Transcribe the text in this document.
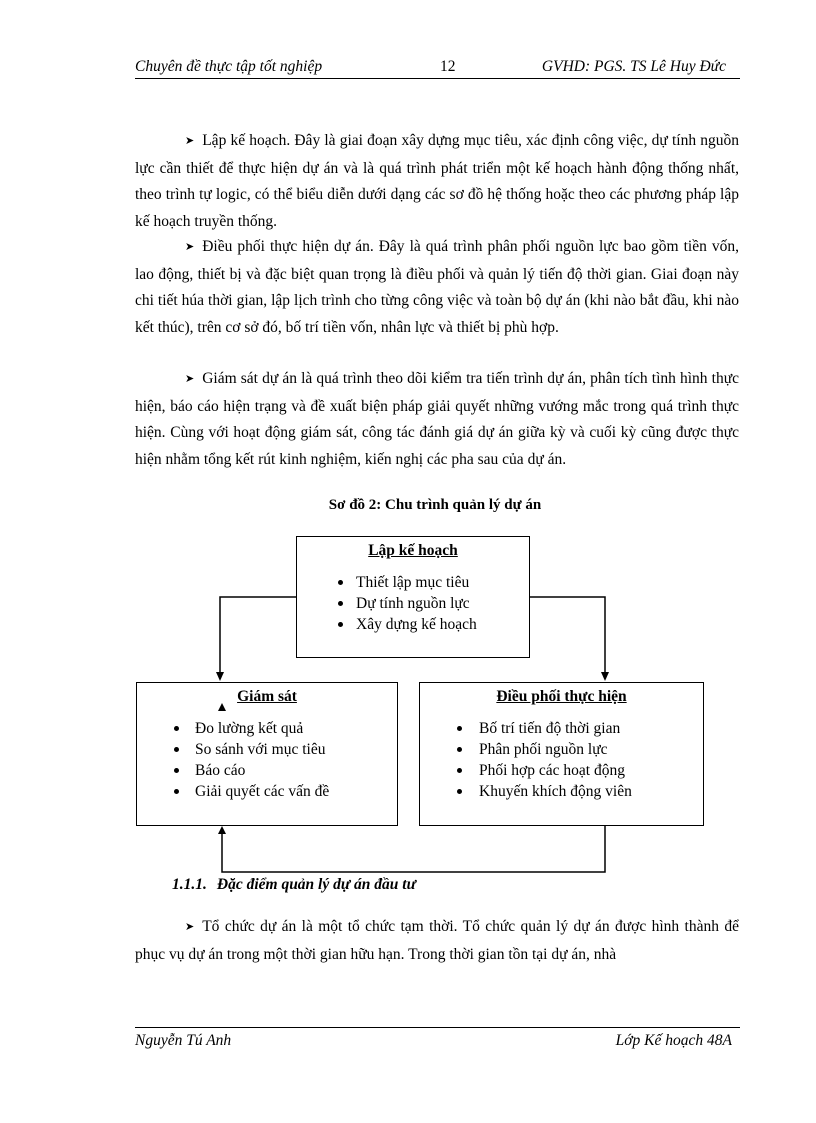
Chuyên đề thực tập tốt nghiệp	12	GVHD: PGS. TS Lê Huy Đức

➤ Lập kế hoạch. Đây là giai đoạn xây dựng mục tiêu, xác định công việc, dự tính nguồn lực cần thiết để thực hiện dự án và là quá trình phát triển một kế hoạch hành động thống nhất, theo trình tự logic, có thể biểu diễn dưới dạng các sơ đồ hệ thống hoặc theo các phương pháp lập kế hoạch truyền thống.

➤ Điều phối thực hiện dự án. Đây là quá trình phân phối nguồn lực bao gồm tiền vốn, lao động, thiết bị và đặc biệt quan trọng là điều phối và quản lý tiến độ thời gian. Giai đoạn này chi tiết húa thời gian, lập lịch trình cho từng công việc và toàn bộ dự án (khi nào bắt đầu, khi nào kết thúc), trên cơ sở đó, bố trí tiền vốn, nhân lực và thiết bị phù hợp.

➤ Giám sát dự án là quá trình theo dõi kiểm tra tiến trình dự án, phân tích tình hình thực hiện, báo cáo hiện trạng và đề xuất biện pháp giải quyết những vướng mắc trong quá trình thực hiện. Cùng với hoạt động giám sát, công tác đánh giá dự án giữa kỳ và cuối kỳ cũng được thực hiện nhằm tổng kết rút kinh nghiệm, kiến nghị các pha sau của dự án.

Sơ đồ 2: Chu trình quản lý dự án
Lập kế hoạch
Thiết lập mục tiêu
Dự tính nguồn lực
Xây dựng kế hoạch
Giám sát
Đo lường kết quả
So sánh với mục tiêu
Báo cáo
Giải quyết các vấn đề
Điều phối thực hiện
Bố trí tiến độ thời gian
Phân phối nguồn lực
Phối hợp các hoạt động
Khuyến khích động viên
1.1.1. Đặc điểm quản lý dự án đầu tư

➤ Tổ chức dự án là một tổ chức tạm thời. Tổ chức quản lý dự án được hình thành để phục vụ dự án trong một thời gian hữu hạn. Trong thời gian tồn tại dự án, nhà

Nguyễn Tú Anh	Lớp Kế hoạch 48A
